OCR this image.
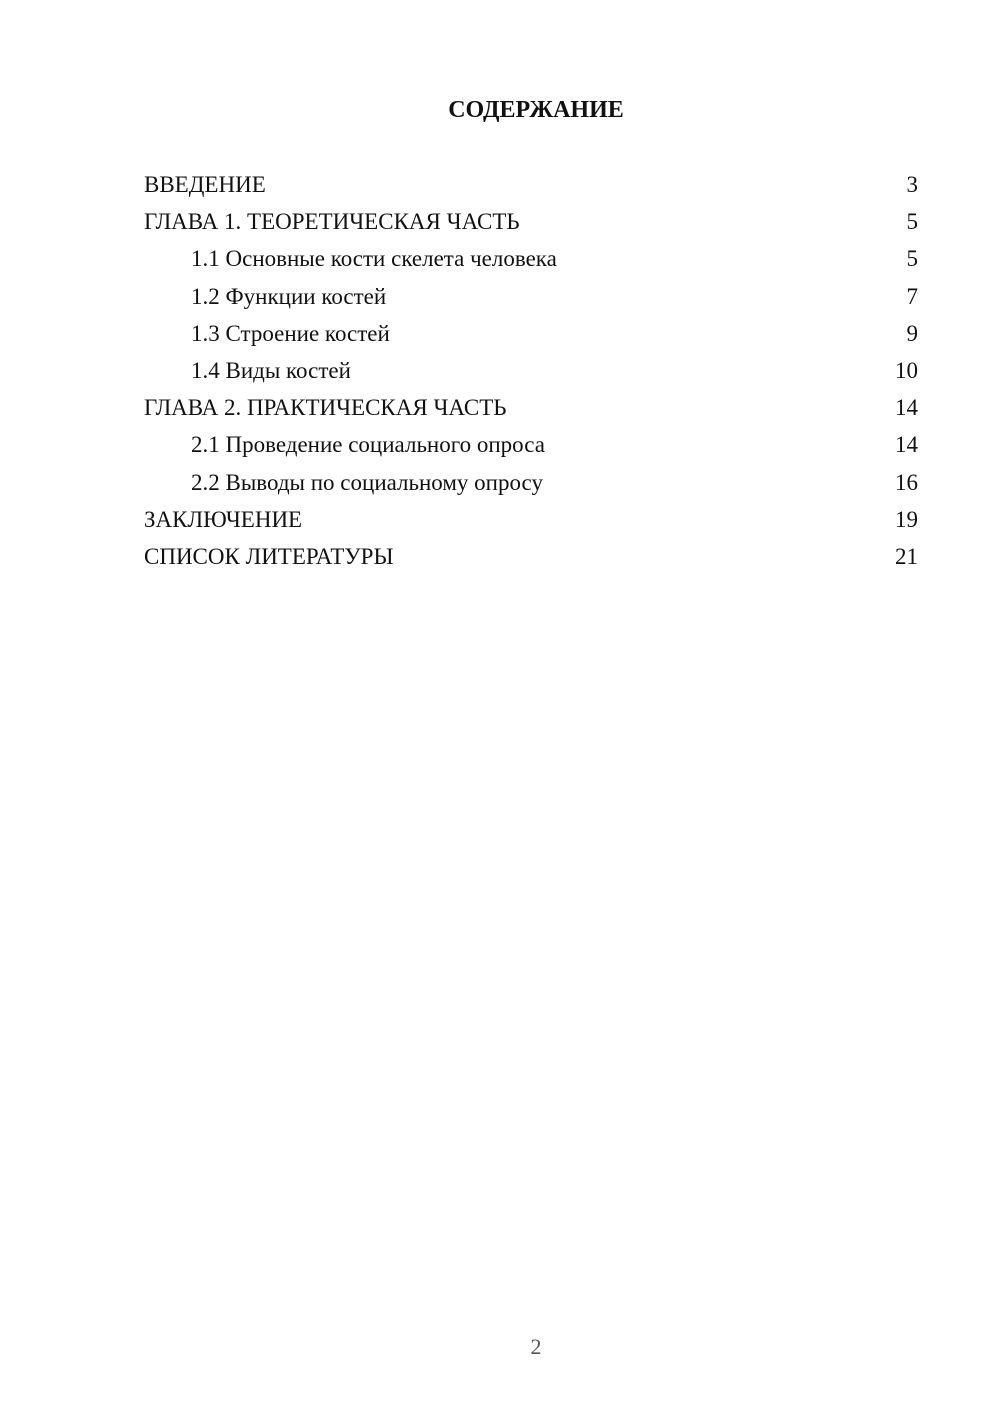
СОДЕРЖАНИЕ
ВВЕДЕНИЕ	3
ГЛАВА 1. ТЕОРЕТИЧЕСКАЯ ЧАСТЬ	5
1.1 Основные кости скелета человека	5
1.2 Функции костей	7
1.3 Строение костей	9
1.4 Виды костей	10
ГЛАВА 2. ПРАКТИЧЕСКАЯ ЧАСТЬ	14
2.1 Проведение социального опроса	14
2.2 Выводы по социальному опросу	16
ЗАКЛЮЧЕНИЕ	19
СПИСОК ЛИТЕРАТУРЫ	21
2
